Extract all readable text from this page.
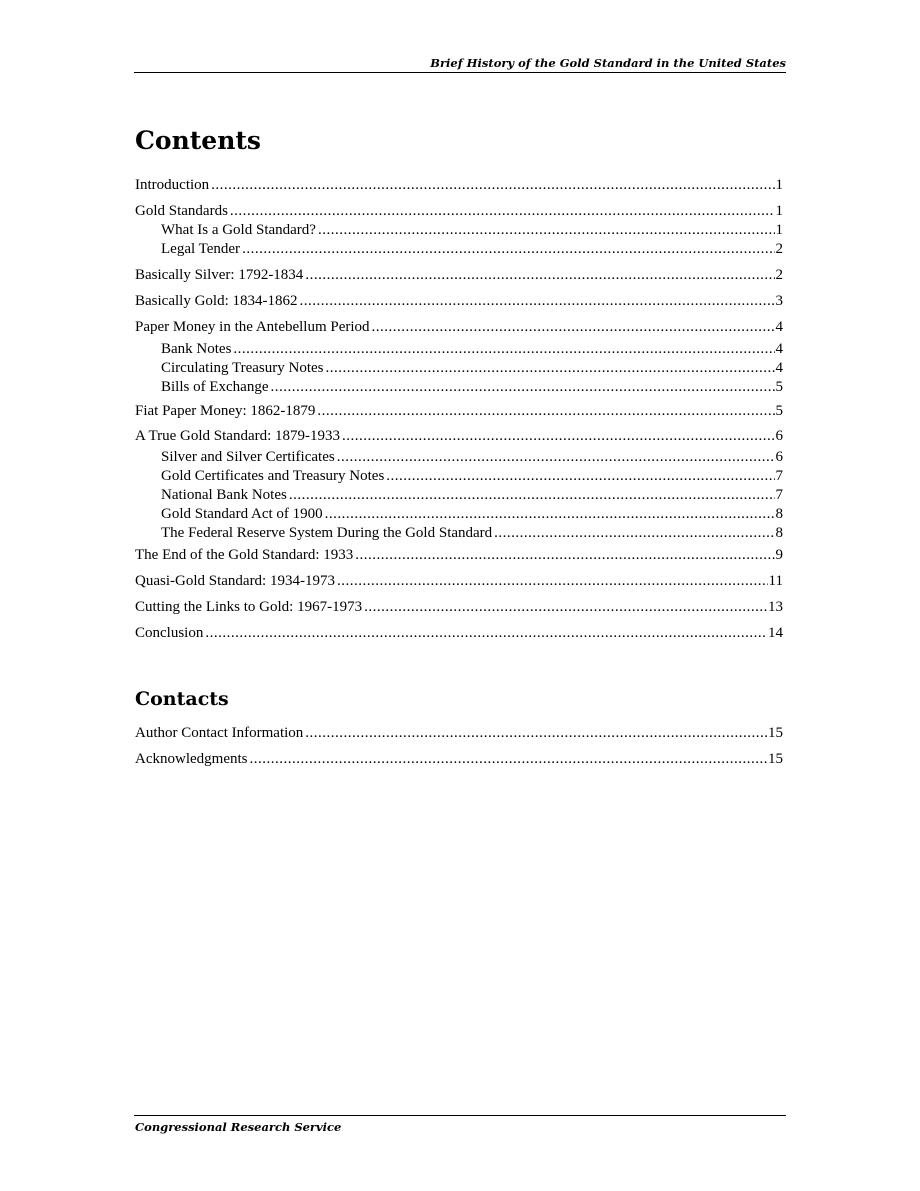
Brief History of the Gold Standard in the United States
Contents
Introduction .....	1
Gold Standards .....	1
What Is a Gold Standard? .....	1
Legal Tender .....	2
Basically Silver: 1792-1834 .....	2
Basically Gold: 1834-1862 .....	3
Paper Money in the Antebellum Period .....	4
Bank Notes .....	4
Circulating Treasury Notes .....	4
Bills of Exchange .....	5
Fiat Paper Money: 1862-1879 .....	5
A True Gold Standard: 1879-1933 .....	6
Silver and Silver Certificates .....	6
Gold Certificates and Treasury Notes .....	7
National Bank Notes .....	7
Gold Standard Act of 1900 .....	8
The Federal Reserve System During the Gold Standard .....	8
The End of the Gold Standard: 1933 .....	9
Quasi-Gold Standard: 1934-1973 .....	11
Cutting the Links to Gold: 1967-1973 .....	13
Conclusion .....	14
Contacts
Author Contact Information .....	15
Acknowledgments .....	15
Congressional Research Service
